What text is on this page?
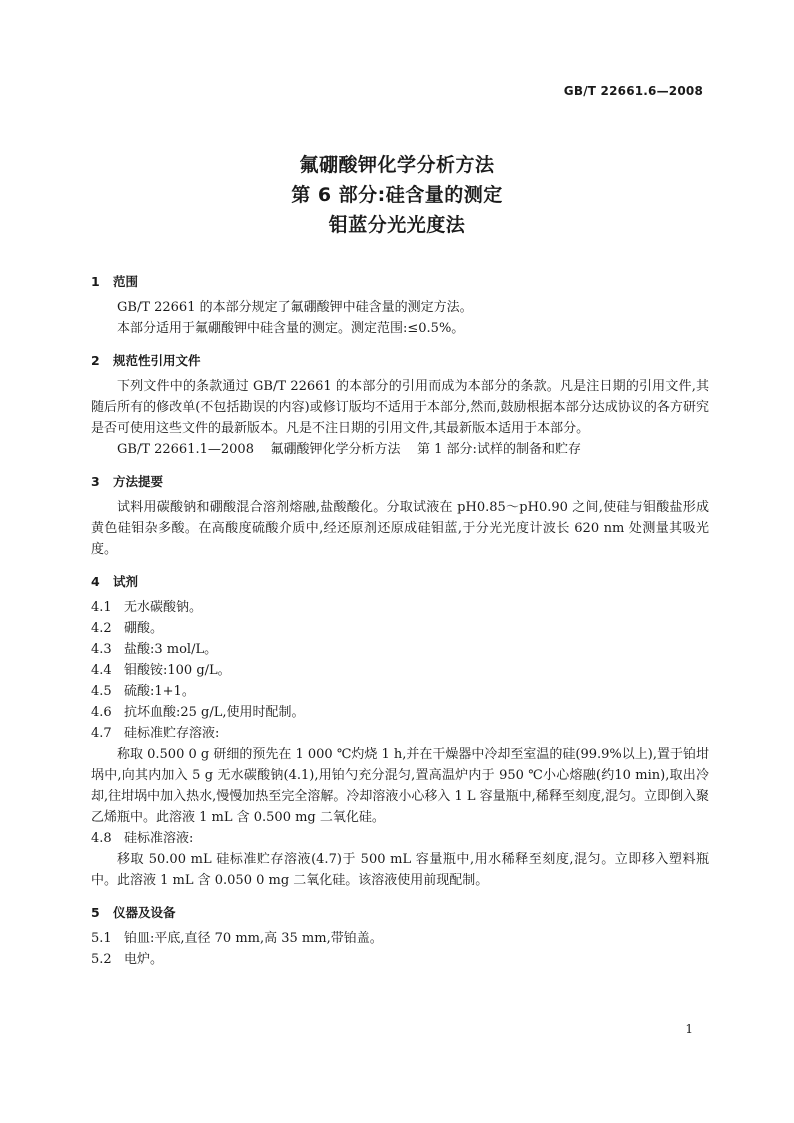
GB/T 22661.6—2008
氟硼酸钾化学分析方法
第 6 部分:硅含量的测定
钼蓝分光光度法
1 范围
GB/T 22661 的本部分规定了氟硼酸钾中硅含量的测定方法。
本部分适用于氟硼酸钾中硅含量的测定。测定范围:≤0.5%。
2 规范性引用文件
下列文件中的条款通过 GB/T 22661 的本部分的引用而成为本部分的条款。凡是注日期的引用文件,其随后所有的修改单(不包括勘误的内容)或修订版均不适用于本部分,然而,鼓励根据本部分达成协议的各方研究是否可使用这些文件的最新版本。凡是不注日期的引用文件,其最新版本适用于本部分。
GB/T 22661.1—2008    氟硼酸钾化学分析方法    第 1 部分:试样的制备和贮存
3 方法提要
试料用碳酸钠和硼酸混合溶剂熔融,盐酸酸化。分取试液在 pH0.85～pH0.90 之间,使硅与钼酸盐形成黄色硅钼杂多酸。在高酸度硫酸介质中,经还原剂还原成硅钼蓝,于分光光度计波长 620 nm 处测量其吸光度。
4 试剂
4.1 无水碳酸钠。
4.2 硼酸。
4.3 盐酸:3 mol/L。
4.4 钼酸铵:100 g/L。
4.5 硫酸:1+1。
4.6 抗坏血酸:25 g/L,使用时配制。
4.7 硅标准贮存溶液:
称取 0.500 0 g 研细的预先在 1 000 ℃灼烧 1 h,并在干燥器中冷却至室温的硅(99.9%以上),置于铂坩埚中,向其内加入 5 g 无水碳酸钠(4.1),用铂勺充分混匀,置高温炉内于 950 ℃小心熔融(约10 min),取出冷却,往坩埚中加入热水,慢慢加热至完全溶解。冷却溶液小心移入 1 L 容量瓶中,稀释至刻度,混匀。立即倒入聚乙烯瓶中。此溶液 1 mL 含 0.500 mg 二氧化硅。
4.8 硅标准溶液:
移取 50.00 mL 硅标准贮存溶液(4.7)于 500 mL 容量瓶中,用水稀释至刻度,混匀。立即移入塑料瓶中。此溶液 1 mL 含 0.050 0 mg 二氧化硅。该溶液使用前现配制。
5 仪器及设备
5.1 铂皿:平底,直径 70 mm,高 35 mm,带铂盖。
5.2 电炉。
1
